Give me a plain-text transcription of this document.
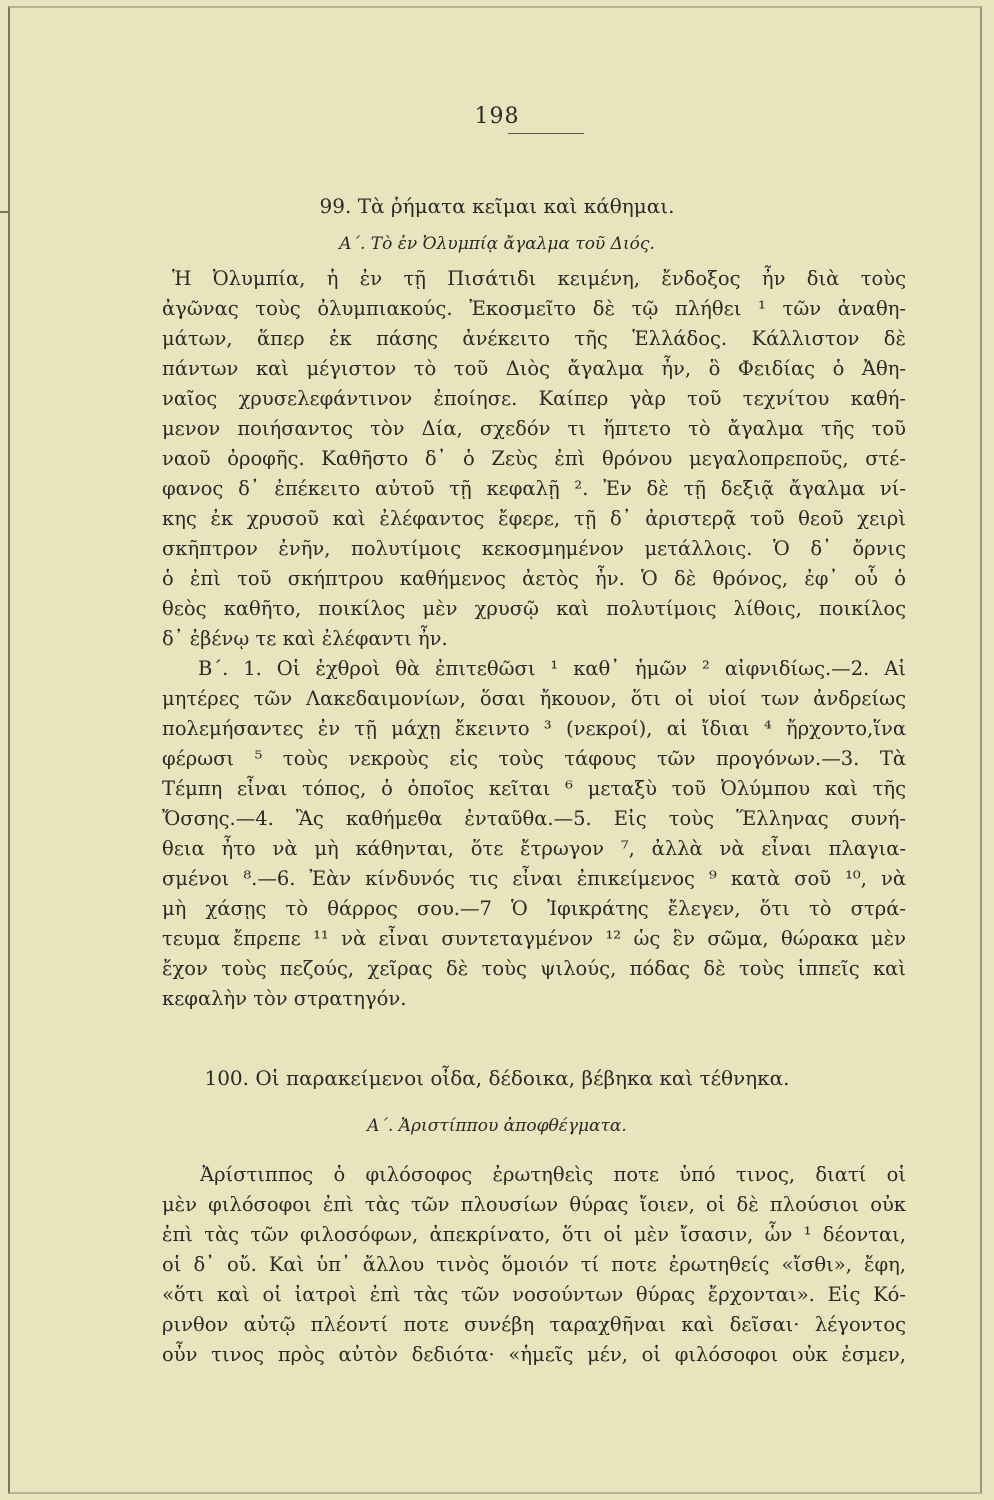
198
99. Τὰ ῥήματα κεῖμαι καὶ κάθημαι.
Α΄. Τὸ ἐν Ὀλυμπίᾳ ἄγαλμα τοῦ Διός.
Ἡ Ὀλυμπία, ἡ ἐν τῇ Πισάτιδι κειμένη, ἔνδοξος ἦν διὰ τοὺς
ἀγῶνας τοὺς ὀλυμπιακούς. Ἐκοσμεῖτο δὲ τῷ πλήθει ¹ τῶν ἀναθη-
μάτων, ἅπερ ἐκ πάσης ἀνέκειτο τῆς Ἑλλάδος. Κάλλιστον δὲ
πάντων καὶ μέγιστον τὸ τοῦ Διὸς ἄγαλμα ἦν, ὃ Φειδίας ὁ Ἀθη-
ναῖος χρυσελεφάντινον ἐποίησε. Καίπερ γὰρ τοῦ τεχνίτου καθή-
μενον ποιήσαντος τὸν Δία, σχεδόν τι ἥπτετο τὸ ἄγαλμα τῆς τοῦ
ναοῦ ὀροφῆς. Καθῆστο δ᾽ ὁ Ζεὺς ἐπὶ θρόνου μεγαλοπρεποῦς, στέ-
φανος δ᾽ ἐπέκειτο αὐτοῦ τῇ κεφαλῇ ². Ἐν δὲ τῇ δεξιᾷ ἄγαλμα νί-
κης ἐκ χρυσοῦ καὶ ἐλέφαντος ἔφερε, τῇ δ᾽ ἀριστερᾷ τοῦ θεοῦ χειρὶ
σκῆπτρον ἐνῆν, πολυτίμοις κεκοσμημένον μετάλλοις. Ὁ δ᾽ ὄρνις
ὁ ἐπὶ τοῦ σκήπτρου καθήμενος ἀετὸς ἦν. Ὁ δὲ θρόνος, ἐφ᾽ οὗ ὁ
θεὸς καθῆτο, ποικίλος μὲν χρυσῷ καὶ πολυτίμοις λίθοις, ποικίλος
δ᾽ ἐβένῳ τε καὶ ἐλέφαντι ἦν.
Β΄. 1. Οἱ ἐχθροὶ θὰ ἐπιτεθῶσι ¹ καθ᾽ ἡμῶν ² αἰφνιδίως.—2. Αἱ
μητέρες τῶν Λακεδαιμονίων, ὅσαι ἤκουον, ὅτι οἱ υἱοί των ἀνδρείως
πολεμήσαντες ἐν τῇ μάχῃ ἔκειντο ³ (νεκροί), αἱ ἴδιαι ⁴ ἤρχοντο,ἵνα
φέρωσι ⁵ τοὺς νεκροὺς εἰς τοὺς τάφους τῶν προγόνων.—3. Τὰ
Τέμπη εἶναι τόπος, ὁ ὁποῖος κεῖται ⁶ μεταξὺ τοῦ Ὀλύμπου καὶ τῆς
Ὄσσης.—4. Ἂς καθήμεθα ἐνταῦθα.—5. Εἰς τοὺς Ἕλληνας συνή-
θεια ἦτο νὰ μὴ κάθηνται, ὅτε ἔτρωγον ⁷, ἀλλὰ νὰ εἶναι πλαγια-
σμένοι ⁸.—6. Ἐὰν κίνδυνός τις εἶναι ἐπικείμενος ⁹ κατὰ σοῦ ¹⁰, νὰ
μὴ χάσῃς τὸ θάρρος σου.—7 Ὁ Ἰφικράτης ἔλεγεν, ὅτι τὸ στρά-
τευμα ἔπρεπε ¹¹ νὰ εἶναι συντεταγμένον ¹² ὡς ἓν σῶμα, θώρακα μὲν
ἔχον τοὺς πεζούς, χεῖρας δὲ τοὺς ψιλούς, πόδας δὲ τοὺς ἱππεῖς καὶ
κεφαλὴν τὸν στρατηγόν.
100. Οἱ παρακείμενοι οἶδα, δέδοικα, βέβηκα καὶ τέθνηκα.
Α΄. Ἀριστίππου ἀποφθέγματα.
Ἀρίστιππος ὁ φιλόσοφος ἐρωτηθεὶς ποτε ὑπό τινος, διατί οἱ
μὲν φιλόσοφοι ἐπὶ τὰς τῶν πλουσίων θύρας ἴοιεν, οἱ δὲ πλούσιοι οὐκ
ἐπὶ τὰς τῶν φιλοσόφων, ἀπεκρίνατο, ὅτι οἱ μὲν ἴσασιν, ὧν ¹ δέονται,
οἱ δ᾽ οὔ. Καὶ ὑπ᾽ ἄλλου τινὸς ὅμοιόν τί ποτε ἐρωτηθείς «ἴσθι», ἔφη,
«ὅτι καὶ οἱ ἰατροὶ ἐπὶ τὰς τῶν νοσούντων θύρας ἔρχονται». Εἰς Κό-
ρινθον αὐτῷ πλέοντί ποτε συνέβη ταραχθῆναι καὶ δεῖσαι· λέγοντος
οὖν τινος πρὸς αὐτὸν δεδιότα· «ἡμεῖς μέν, οἱ φιλόσοφοι οὐκ ἐσμεν,
